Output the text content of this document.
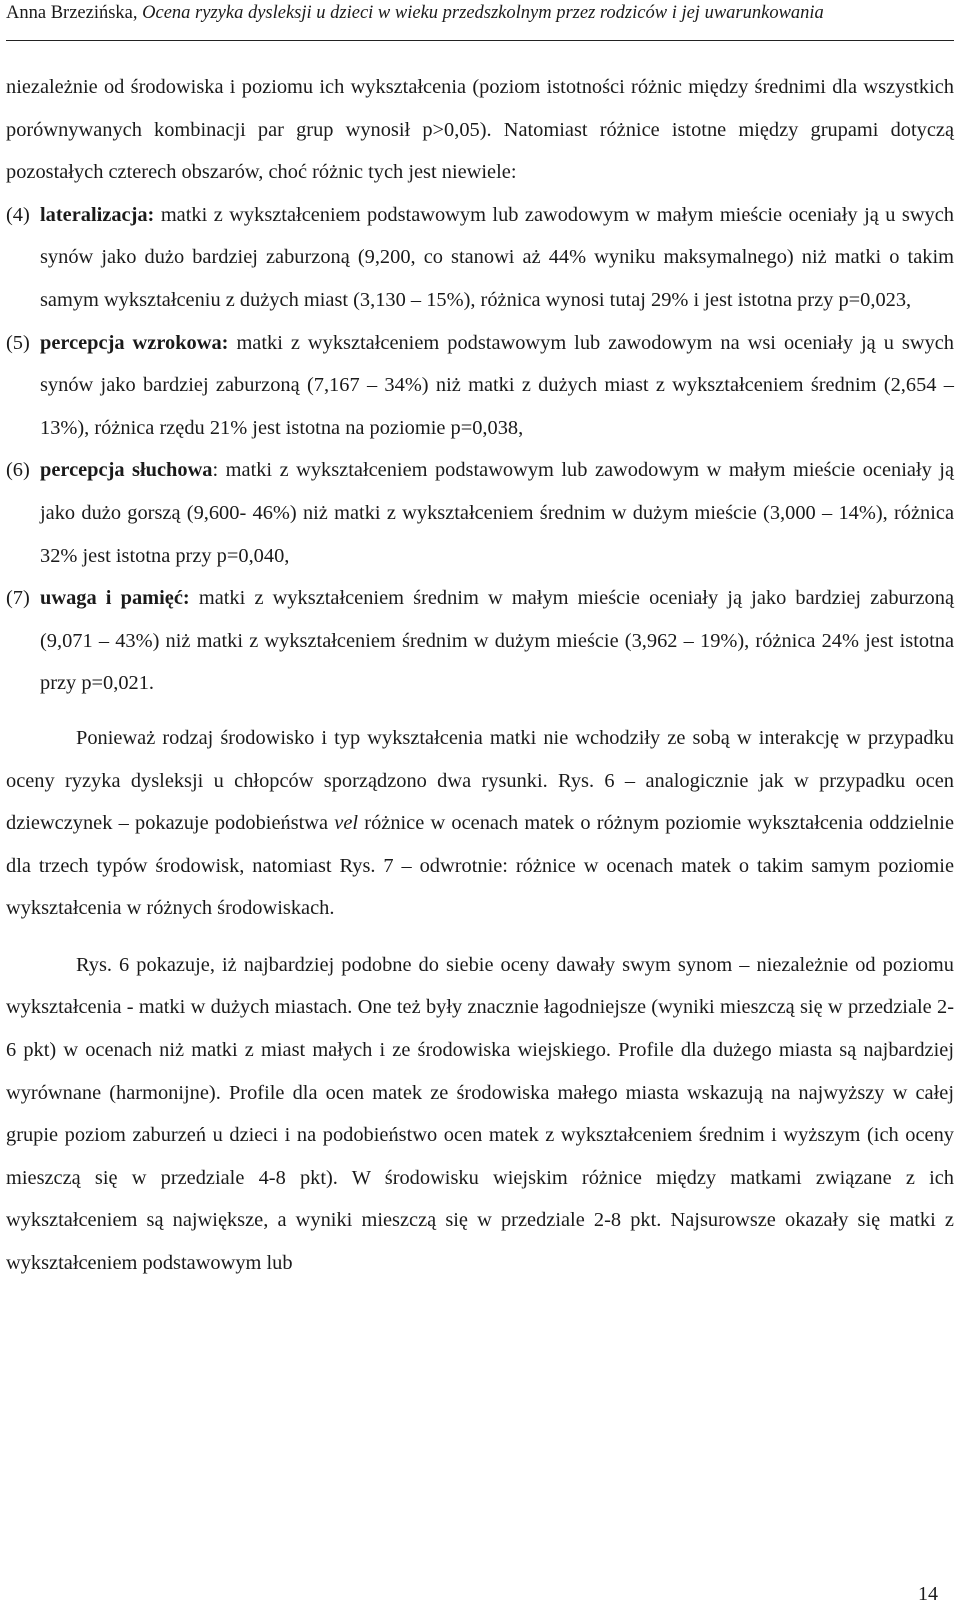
Anna Brzezińska, Ocena ryzyka dysleksji u dzieci w wieku przedszkolnym przez rodziców i jej uwarunkowania

niezależnie od środowiska i poziomu ich wykształcenia (poziom istotności różnic między średnimi dla wszystkich porównywanych kombinacji par grup wynosił p>0,05). Natomiast różnice istotne między grupami dotyczą pozostałych czterech obszarów, choć różnic tych jest niewiele:

(4) lateralizacja: matki z wykształceniem podstawowym lub zawodowym w małym mieście oceniały ją u swych synów jako dużo bardziej zaburzoną (9,200, co stanowi aż 44% wyniku maksymalnego) niż matki o takim samym wykształceniu z dużych miast (3,130 – 15%), różnica wynosi tutaj 29% i jest istotna przy p=0,023,

(5) percepcja wzrokowa: matki z wykształceniem podstawowym lub zawodowym na wsi oceniały ją u swych synów jako bardziej zaburzoną (7,167 – 34%) niż matki z dużych miast z wykształceniem średnim (2,654 – 13%), różnica rzędu 21% jest istotna na poziomie p=0,038,

(6) percepcja słuchowa: matki z wykształceniem podstawowym lub zawodowym w małym mieście oceniały ją jako dużo gorszą (9,600- 46%) niż matki z wykształceniem średnim w dużym mieście (3,000 – 14%), różnica 32% jest istotna przy p=0,040,

(7) uwaga i pamięć: matki z wykształceniem średnim w małym mieście oceniały ją jako bardziej zaburzoną (9,071 – 43%) niż matki z wykształceniem średnim w dużym mieście (3,962 – 19%), różnica 24% jest istotna przy p=0,021.

Ponieważ rodzaj środowisko i typ wykształcenia matki nie wchodziły ze sobą w interakcję w przypadku oceny ryzyka dysleksji u chłopców sporządzono dwa rysunki. Rys. 6 – analogicznie jak w przypadku ocen dziewczynek – pokazuje podobieństwa vel różnice w ocenach matek o różnym poziomie wykształcenia oddzielnie dla trzech typów środowisk, natomiast Rys. 7 – odwrotnie: różnice w ocenach matek o takim samym poziomie wykształcenia w różnych środowiskach.

Rys. 6 pokazuje, iż najbardziej podobne do siebie oceny dawały swym synom – niezależnie od poziomu wykształcenia - matki w dużych miastach. One też były znacznie łagodniejsze (wyniki mieszczą się w przedziale 2-6 pkt) w ocenach niż matki z miast małych i ze środowiska wiejskiego. Profile dla dużego miasta są najbardziej wyrównane (harmonijne). Profile dla ocen matek ze środowiska małego miasta wskazują na najwyższy w całej grupie poziom zaburzeń u dzieci i na podobieństwo ocen matek z wykształceniem średnim i wyższym (ich oceny mieszczą się w przedziale 4-8 pkt). W środowisku wiejskim różnice między matkami związane z ich wykształceniem są największe, a wyniki mieszczą się w przedziale 2-8 pkt. Najsurowsze okazały się matki z wykształceniem podstawowym lub

14
